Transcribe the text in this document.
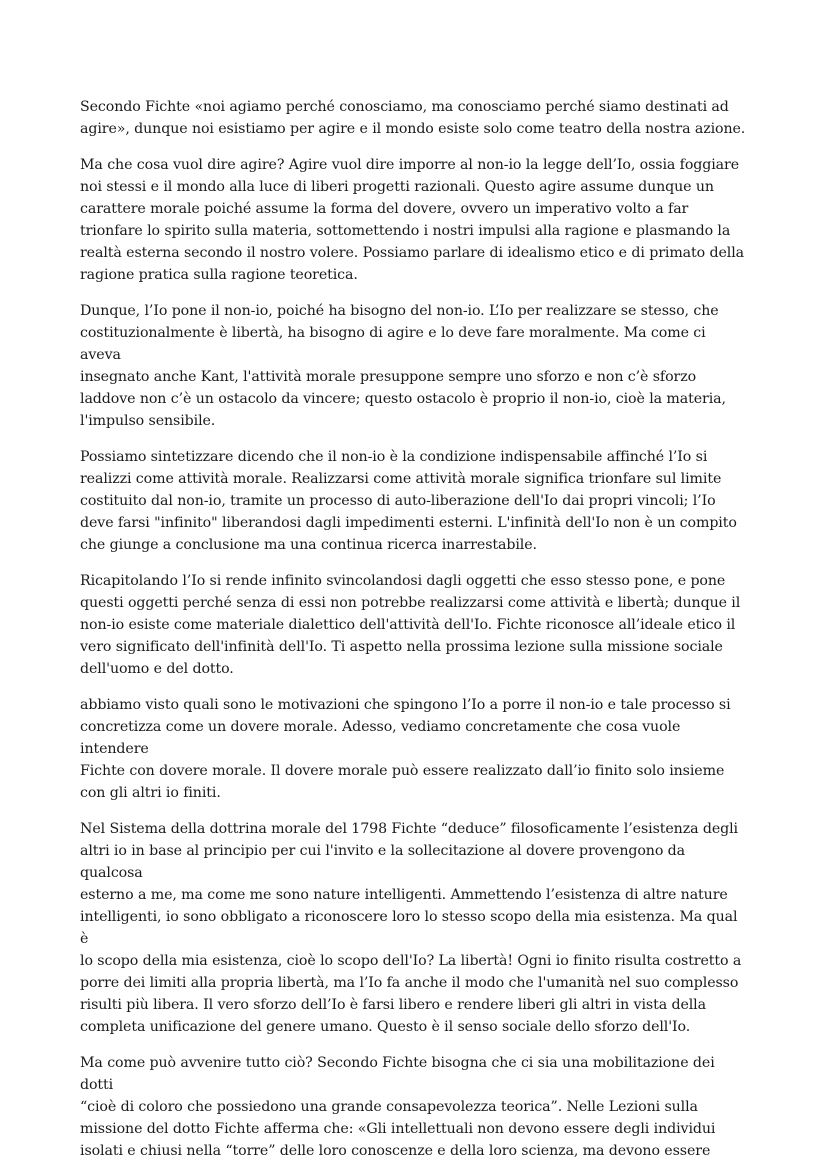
Secondo Fichte «noi agiamo perché conosciamo, ma conosciamo perché siamo destinati ad
agire», dunque noi esistiamo per agire e il mondo esiste solo come teatro della nostra azione.

Ma che cosa vuol dire agire? Agire vuol dire imporre al non-io la legge dell’Io, ossia foggiare
noi stessi e il mondo alla luce di liberi progetti razionali. Questo agire assume dunque un
carattere morale poiché assume la forma del dovere, ovvero un imperativo volto a far
trionfare lo spirito sulla materia, sottomettendo i nostri impulsi alla ragione e plasmando la
realtà esterna secondo il nostro volere. Possiamo parlare di idealismo etico e di primato della
ragione pratica sulla ragione teoretica.

Dunque, l’Io pone il non-io, poiché ha bisogno del non-io. L’Io per realizzare se stesso, che
costituzionalmente è libertà, ha bisogno di agire e lo deve fare moralmente. Ma come ci aveva
insegnato anche Kant, l'attività morale presuppone sempre uno sforzo e non c’è sforzo
laddove non c’è un ostacolo da vincere; questo ostacolo è proprio il non-io, cioè la materia,
l'impulso sensibile.

Possiamo sintetizzare dicendo che il non-io è la condizione indispensabile affinché l’Io si
realizzi come attività morale. Realizzarsi come attività morale significa trionfare sul limite
costituito dal non-io, tramite un processo di auto-liberazione dell'Io dai propri vincoli; l’Io
deve farsi "infinito" liberandosi dagli impedimenti esterni. L'infinità dell'Io non è un compito
che giunge a conclusione ma una continua ricerca inarrestabile.

Ricapitolando l’Io si rende infinito svincolandosi dagli oggetti che esso stesso pone, e pone
questi oggetti perché senza di essi non potrebbe realizzarsi come attività e libertà; dunque il
non-io esiste come materiale dialettico dell'attività dell'Io. Fichte riconosce all’ideale etico il
vero significato dell'infinità dell'Io. Ti aspetto nella prossima lezione sulla missione sociale
dell'uomo e del dotto.

abbiamo visto quali sono le motivazioni che spingono l’Io a porre il non-io e tale processo si
concretizza come un dovere morale. Adesso, vediamo concretamente che cosa vuole intendere
Fichte con dovere morale. Il dovere morale può essere realizzato dall’io finito solo insieme
con gli altri io finiti.

Nel Sistema della dottrina morale del 1798 Fichte “deduce” filosoficamente l’esistenza degli
altri io in base al principio per cui l'invito e la sollecitazione al dovere provengono da qualcosa
esterno a me, ma come me sono nature intelligenti. Ammettendo l’esistenza di altre nature
intelligenti, io sono obbligato a riconoscere loro lo stesso scopo della mia esistenza. Ma qual è
lo scopo della mia esistenza, cioè lo scopo dell'Io? La libertà! Ogni io finito risulta costretto a
porre dei limiti alla propria libertà, ma l’Io fa anche il modo che l'umanità nel suo complesso
risulti più libera. Il vero sforzo dell’Io è farsi libero e rendere liberi gli altri in vista della
completa unificazione del genere umano. Questo è il senso sociale dello sforzo dell'Io.

Ma come può avvenire tutto ciò? Secondo Fichte bisogna che ci sia una mobilitazione dei dotti
“cioè di coloro che possiedono una grande consapevolezza teorica”. Nelle Lezioni sulla
missione del dotto Fichte afferma che: «Gli intellettuali non devono essere degli individui
isolati e chiusi nella “torre” delle loro conoscenze e della loro scienza, ma devono essere
